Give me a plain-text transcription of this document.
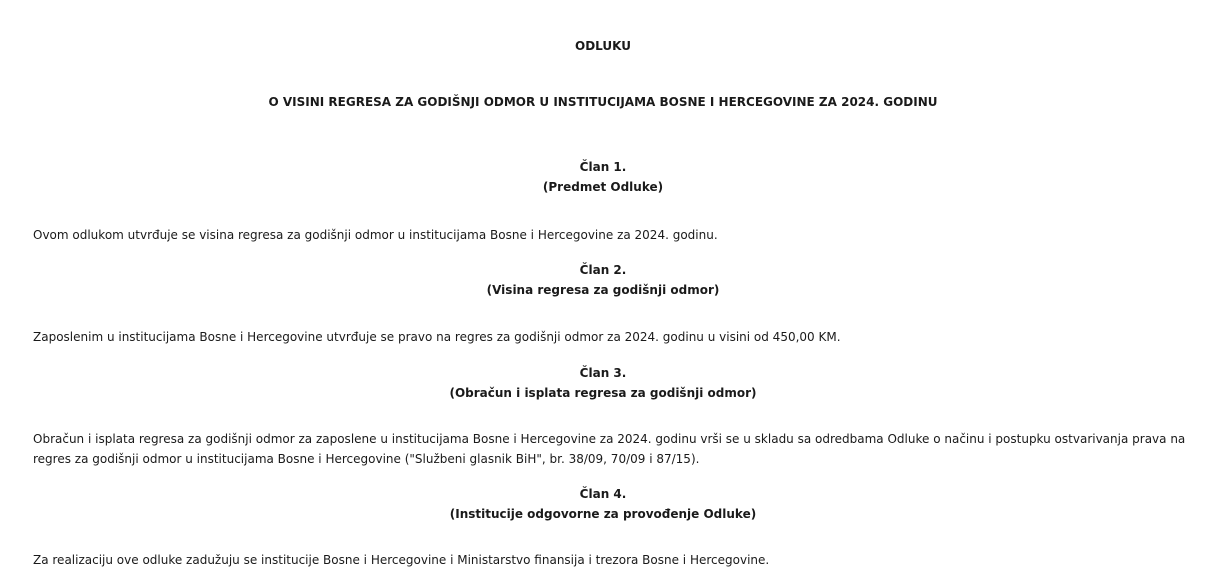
ODLUKU
O VISINI REGRESA ZA GODIŠNJI ODMOR U INSTITUCIJAMA BOSNE I HERCEGOVINE ZA 2024. GODINU
Član 1.
(Predmet Odluke)
Ovom odlukom utvrđuje se visina regresa za godišnji odmor u institucijama Bosne i Hercegovine za 2024. godinu.
Član 2.
(Visina regresa za godišnji odmor)
Zaposlenim u institucijama Bosne i Hercegovine utvrđuje se pravo na regres za godišnji odmor za 2024. godinu u visini od 450,00 KM.
Član 3.
(Obračun i isplata regresa za godišnji odmor)
Obračun i isplata regresa za godišnji odmor za zaposlene u institucijama Bosne i Hercegovine za 2024. godinu vrši se u skladu sa odredbama Odluke o načinu i postupku ostvarivanja prava na regres za godišnji odmor u institucijama Bosne i Hercegovine ("Službeni glasnik BiH", br. 38/09, 70/09 i 87/15).
Član 4.
(Institucije odgovorne za provođenje Odluke)
Za realizaciju ove odluke zadužuju se institucije Bosne i Hercegovine i Ministarstvo finansija i trezora Bosne i Hercegovine.
